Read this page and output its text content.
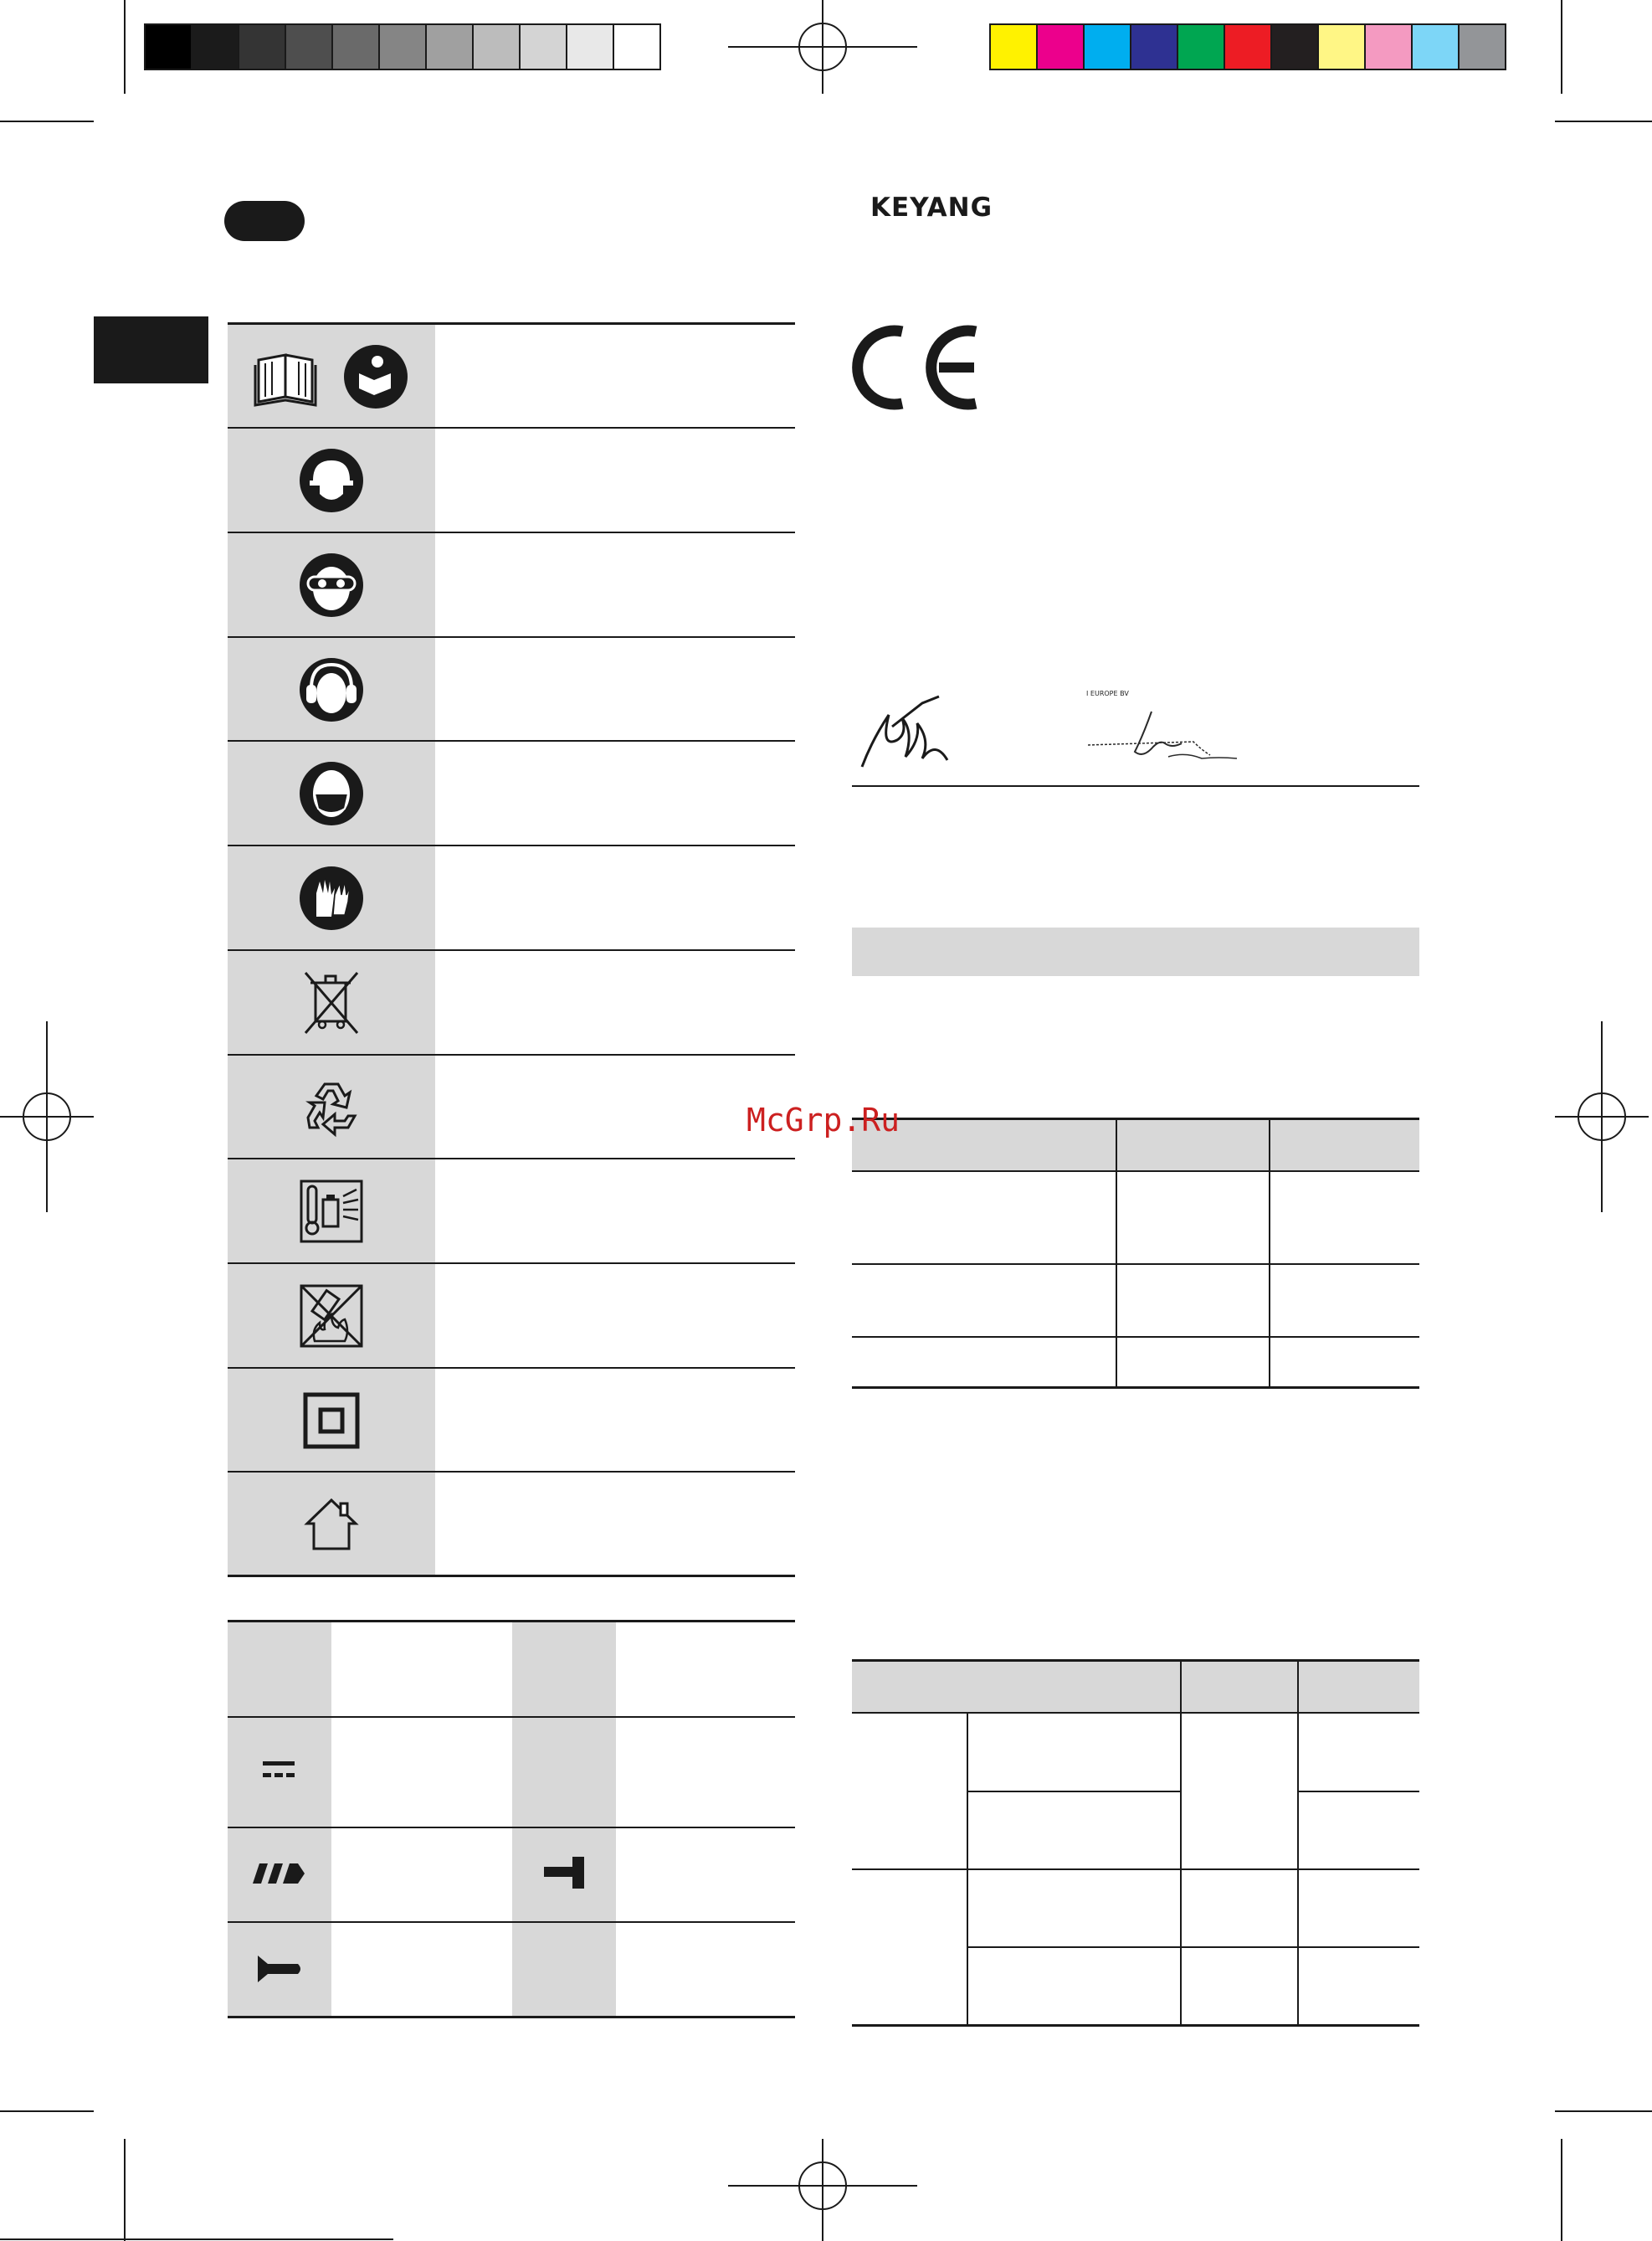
KEYANG
I EUROPE BV
McGrp.Ru
